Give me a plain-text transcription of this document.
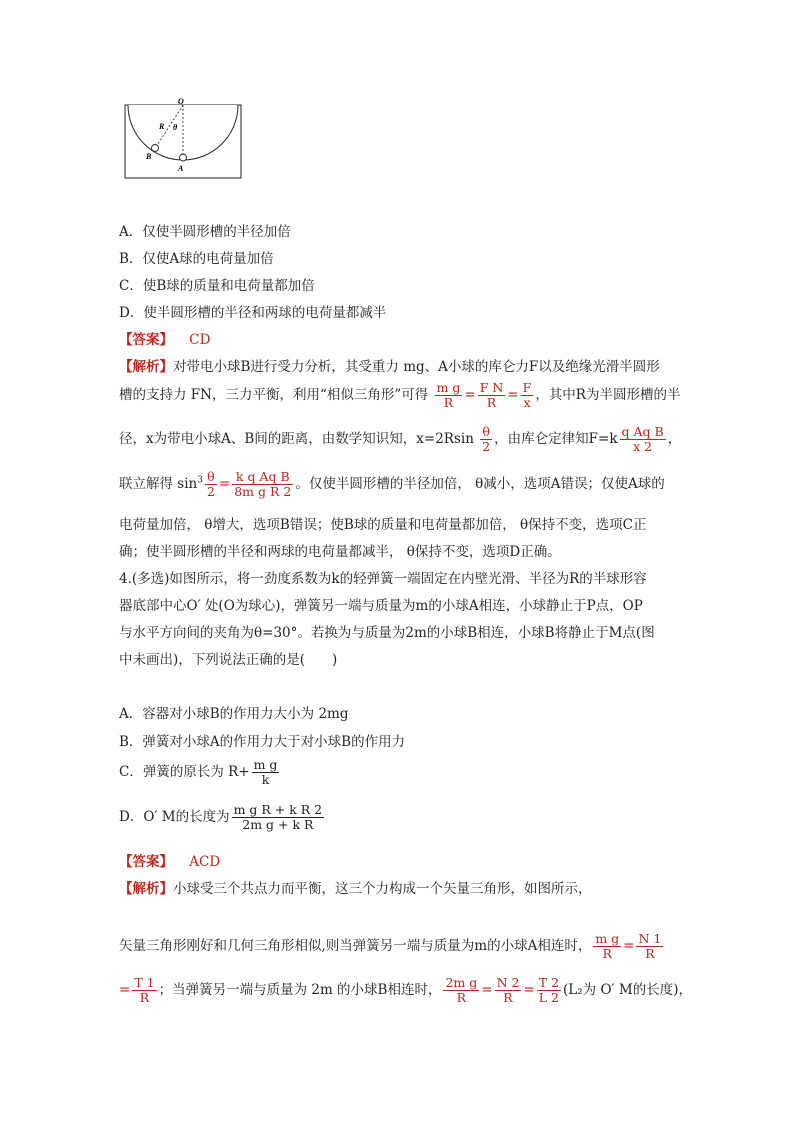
O
R θ
B
A
A．仅使半圆形槽的半径加倍
B．仅使A球的电荷量加倍
C．使B球的质量和电荷量都加倍
D．使半圆形槽的半径和两球的电荷量都减半
【答案】 CD
【解析】对带电小球B进行受力分析，其受重力 mg、A小球的库仑力F以及绝缘光滑半圆形
槽的支持力 FN，三力平衡，利用“相似三角形”可得 $\frac{\text{m g}}{R} = \frac{\text{F N}}{R} = \frac{F}{x}$ ，其中R为半圆形槽的半
径，x为带电小球A、B间的距离，由数学知识知，$x=2Rsin \frac{\theta}{2}$ ，由库仑定律知$F=k \frac{\text{q Aq B}}{x 2}$ ，
联立解得 $\sin^3 \frac{\theta}{2} = \frac{\text{k q Aq B}}{\text{8m g R 2}}$ 。仅使半圆形槽的半径加倍， θ减小，选项A错误；仅使A球的
电荷量加倍， θ增大，选项B错误；使B球的质量和电荷量都加倍， θ保持不变，选项C正
确；使半圆形槽的半径和两球的电荷量都减半， θ保持不变，选项D正确。
4.(多选)如图所示，将一劲度系数为k的轻弹簧一端固定在内壁光滑、半径为R的半球形容
器底部中心O′ 处(O为球心)，弹簧另一端与质量为m的小球A相连，小球静止于P点，OP
与水平方向间的夹角为θ=30°。若换为与质量为2m的小球B相连，小球B将静止于M点(图
中未画出)，下列说法正确的是(　　)
A．容器对小球B的作用力大小为 2mg
B．弹簧对小球A的作用力大于对小球B的作用力
C．弹簧的原长为 $R+ \frac{\text{m g}}{k}$
D．O′ M的长度为 $\frac{\text{m g R + k R 2}}{\text{2m g + k R}}$
【答案】 ACD
【解析】小球受三个共点力而平衡，这三个力构成一个矢量三角形，如图所示，
矢量三角形刚好和几何三角形相似,则当弹簧另一端与质量为m的小球A相连时， $\frac{\text{m g}}{R} = \frac{N 1}{R}$
= $\frac{T 1}{R}$ ；当弹簧另一端与质量为 2m 的小球B相连时， $\frac{\text{2m g}}{R} = \frac{N 2}{R} = \frac{T 2}{L 2} (L_2$为 O′ M的长度)，
